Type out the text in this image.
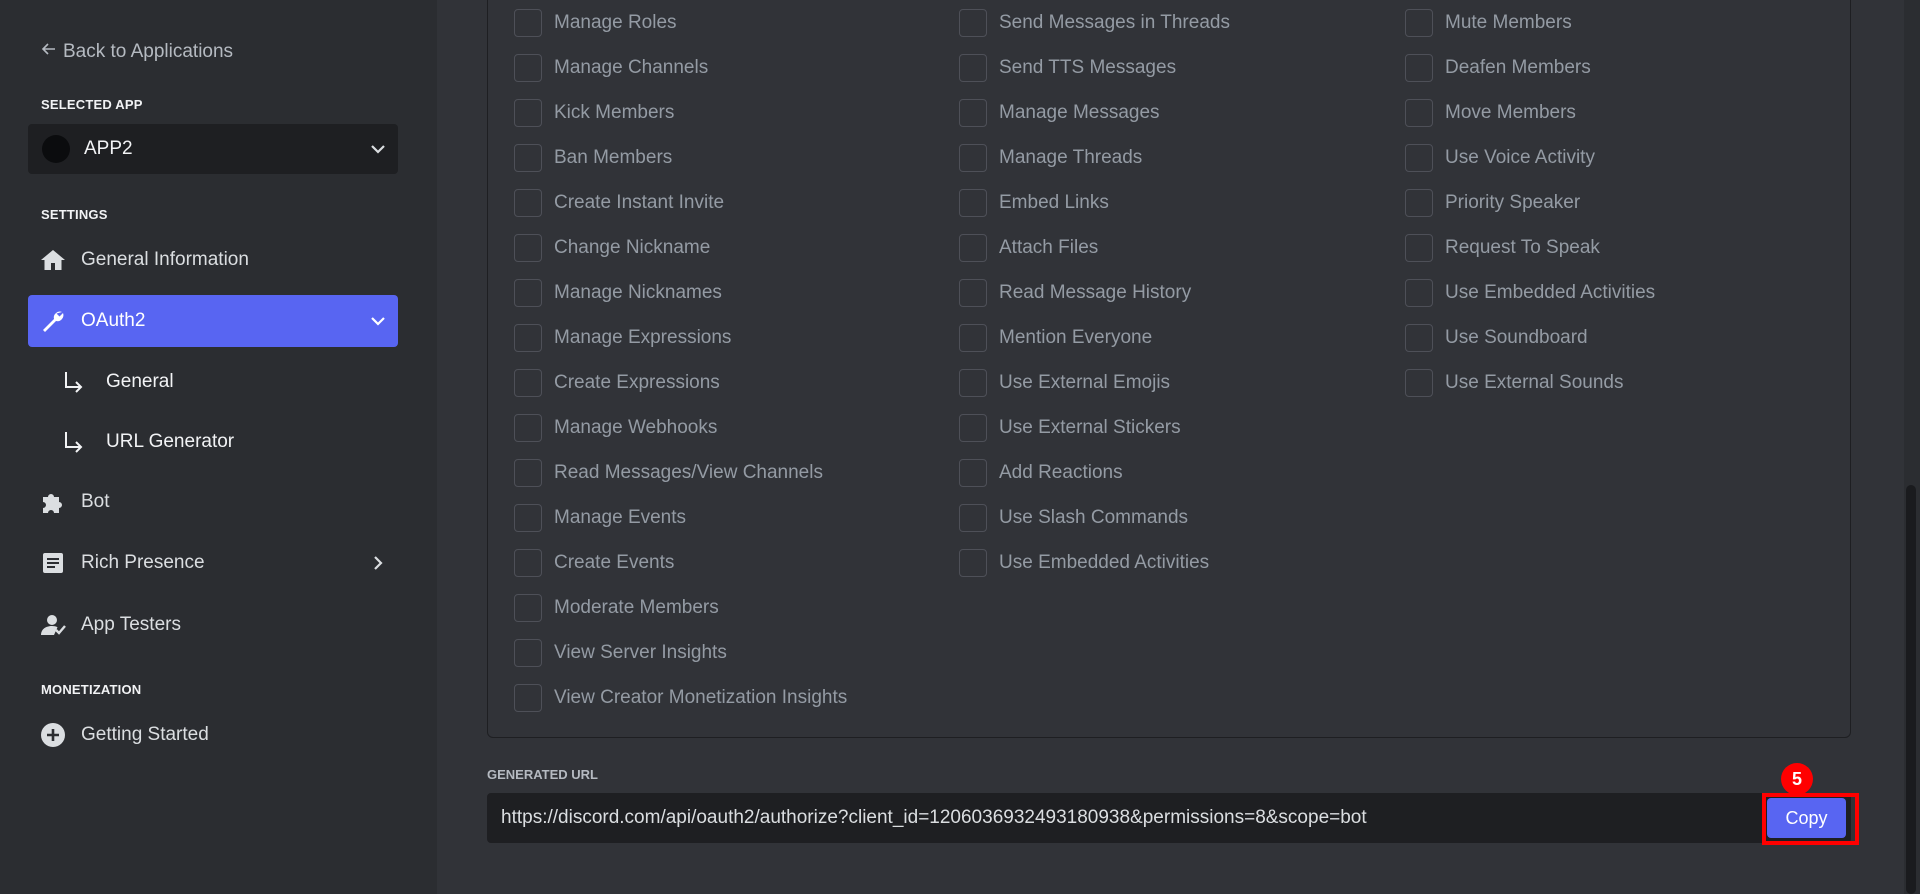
Back to Applications
SELECTED APP
APP2
SETTINGS
General Information
OAuth2
General
URL Generator
Bot
Rich Presence
App Testers
MONETIZATION
Getting Started
Manage Roles
Manage Channels
Kick Members
Ban Members
Create Instant Invite
Change Nickname
Manage Nicknames
Manage Expressions
Create Expressions
Manage Webhooks
Read Messages/View Channels
Manage Events
Create Events
Moderate Members
View Server Insights
View Creator Monetization Insights
Send Messages in Threads
Send TTS Messages
Manage Messages
Manage Threads
Embed Links
Attach Files
Read Message History
Mention Everyone
Use External Emojis
Use External Stickers
Add Reactions
Use Slash Commands
Use Embedded Activities
Mute Members
Deafen Members
Move Members
Use Voice Activity
Priority Speaker
Request To Speak
Use Embedded Activities
Use Soundboard
Use External Sounds
GENERATED URL
https://discord.com/api/oauth2/authorize?client_id=1206036932493180938&permissions=8&scope=bot	Copy
5
